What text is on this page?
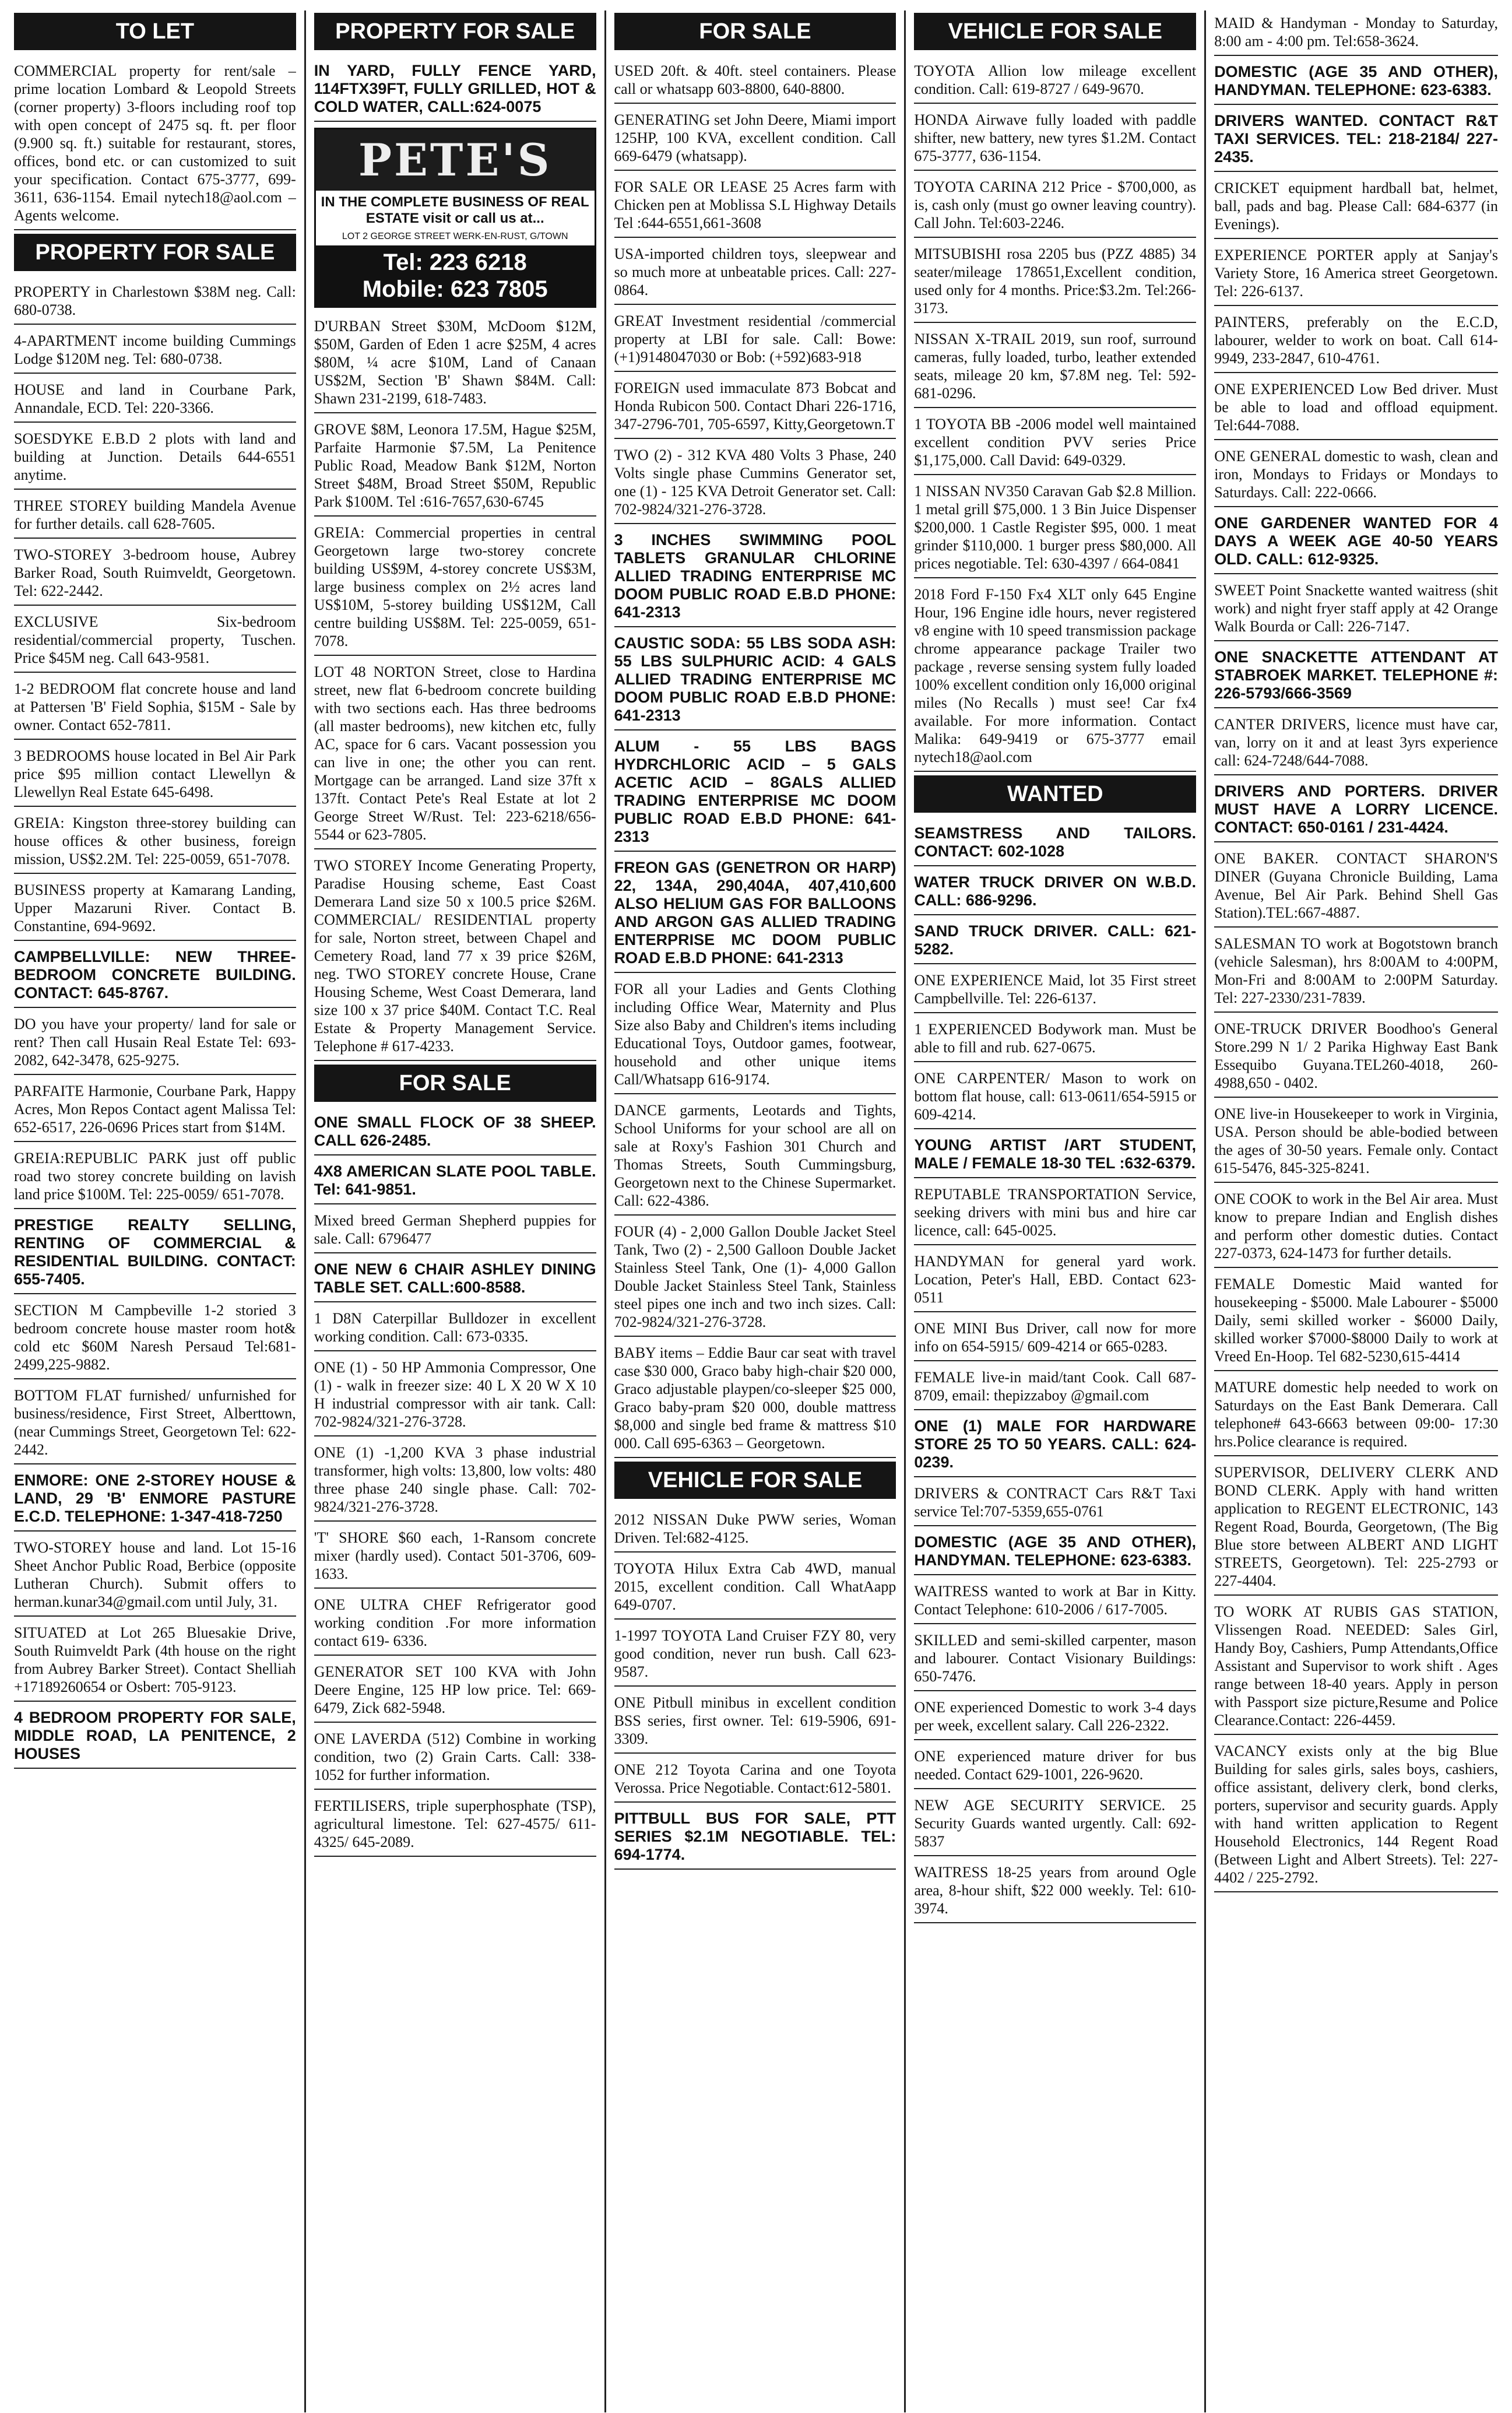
TO LET
COMMERCIAL property for rent/sale – prime location Lombard & Leopold Streets (corner property) 3-floors including roof top with open concept of 2475 sq. ft. per floor (9.900 sq. ft.) suitable for restaurant, stores, offices, bond etc. or can customized to suit your specification. Contact 675-3777, 699-3611, 636-1154. Email nytech18@aol.com – Agents welcome.
PROPERTY FOR SALE
PROPERTY in Charlestown $38M neg. Call: 680-0738.
4-APARTMENT income building Cummings Lodge $120M neg. Tel: 680-0738.
HOUSE and land in Courbane Park, Annandale, ECD. Tel: 220-3366.
SOESDYKE E.B.D 2 plots with land and building at Junction. Details 644-6551 anytime.
THREE STOREY building Mandela Avenue for further details. call 628-7605.
TWO-STOREY 3-bedroom house, Aubrey Barker Road, South Ruimveldt, Georgetown. Tel: 622-2442.
EXCLUSIVE Six-bedroom residential/commercial property, Tuschen. Price $45M neg. Call 643-9581.
1-2 BEDROOM flat concrete house and land at Pattersen 'B' Field Sophia, $15M - Sale by owner. Contact 652-7811.
3 BEDROOMS house located in Bel Air Park price $95 million contact Llewellyn & Llewellyn Real Estate 645-6498.
GREIA: Kingston three-storey building can house offices & other business, foreign mission, US$2.2M. Tel: 225-0059, 651-7078.
BUSINESS property at Kamarang Landing, Upper Mazaruni River. Contact B. Constantine, 694-9692.
CAMPBELLVILLE: NEW THREE-BEDROOM CONCRETE BUILDING. CONTACT: 645-8767.
DO you have your property/ land for sale or rent? Then call Husain Real Estate Tel: 693-2082, 642-3478, 625-9275.
PARFAITE Harmonie, Courbane Park, Happy Acres, Mon Repos Contact agent Malissa Tel: 652-6517, 226-0696 Prices start from $14M.
GREIA:REPUBLIC PARK just off public road two storey concrete building on lavish land price $100M. Tel: 225-0059/ 651-7078.
PRESTIGE REALTY SELLING, RENTING OF COMMERCIAL & RESIDENTIAL BUILDING. CONTACT: 655-7405.
SECTION M Campbeville 1-2 storied 3 bedroom concrete house master room hot& cold etc $60M Naresh Persaud Tel:681-2499,225-9882.
BOTTOM FLAT furnished/ unfurnished for business/residence, First Street, Alberttown, (near Cummings Street, Georgetown Tel: 622-2442.
ENMORE: ONE 2-STOREY HOUSE & LAND, 29 'B' ENMORE PASTURE E.C.D. TELEPHONE: 1-347-418-7250
TWO-STOREY house and land. Lot 15-16 Sheet Anchor Public Road, Berbice (opposite Lutheran Church). Submit offers to herman.kunar34@gmail.com until July, 31.
SITUATED at Lot 265 Bluesakie Drive, South Ruimveldt Park (4th house on the right from Aubrey Barker Street). Contact Shelliah +17189260654 or Osbert: 705-9123.
4 BEDROOM PROPERTY FOR SALE, MIDDLE ROAD, LA PENITENCE, 2 HOUSES
PROPERTY FOR SALE
IN YARD, FULLY FENCE YARD, 114FTX39FT, FULLY GRILLED, HOT & COLD WATER, CALL:624-0075
PETE'S
IN THE COMPLETE BUSINESS OF REAL ESTATE visit or call us at...
LOT 2 GEORGE STREET WERK-EN-RUST, G/TOWN
Tel: 223 6218
Mobile: 623 7805
D'URBAN Street $30M, McDoom $12M, $50M, Garden of Eden 1 acre $25M, 4 acres $80M, ¼ acre $10M, Land of Canaan US$2M, Section 'B' Shawn $84M. Call: Shawn 231-2199, 618-7483.
GROVE $8M, Leonora 17.5M, Hague $25M, Parfaite Harmonie $7.5M, La Penitence Public Road, Meadow Bank $12M, Norton Street $48M, Broad Street $50M, Republic Park $100M. Tel :616-7657,630-6745
GREIA: Commercial properties in central Georgetown large two-storey concrete building US$9M, 4-storey concrete US$3M, large business complex on 2½ acres land US$10M, 5-storey building US$12M, Call centre building US$8M. Tel: 225-0059, 651-7078.
LOT 48 NORTON Street, close to Hardina street, new flat 6-bedroom concrete building with two sections each. Has three bedrooms (all master bedrooms), new kitchen etc, fully AC, space for 6 cars. Vacant possession you can live in one; the other you can rent. Mortgage can be arranged. Land size 37ft x 137ft. Contact Pete's Real Estate at lot 2 George Street W/Rust. Tel: 223-6218/656-5544 or 623-7805.
TWO STOREY Income Generating Property, Paradise Housing scheme, East Coast Demerara Land size 50 x 100.5 price $26M. COMMERCIAL/ RESIDENTIAL property for sale, Norton street, between Chapel and Cemetery Road, land 77 x 39 price $26M, neg. TWO STOREY concrete House, Crane Housing Scheme, West Coast Demerara, land size 100 x 37 price $40M. Contact T.C. Real Estate & Property Management Service. Telephone # 617-4233.
FOR SALE
ONE SMALL FLOCK OF 38 SHEEP. CALL 626-2485.
4X8 AMERICAN SLATE POOL TABLE. Tel: 641-9851.
Mixed breed German Shepherd puppies for sale. Call: 6796477
ONE NEW 6 CHAIR ASHLEY DINING TABLE SET. CALL:600-8588.
1 D8N Caterpillar Bulldozer in excellent working condition. Call: 673-0335.
ONE (1) - 50 HP Ammonia Compressor, One (1) - walk in freezer size: 40 L X 20 W X 10 H industrial compressor with air tank. Call: 702-9824/321-276-3728.
ONE (1) -1,200 KVA 3 phase industrial transformer, high volts: 13,800, low volts: 480 three phase 240 single phase. Call: 702-9824/321-276-3728.
'T' SHORE $60 each, 1-Ransom concrete mixer (hardly used). Contact 501-3706, 609-1633.
ONE ULTRA CHEF Refrigerator good working condition .For more information contact 619- 6336.
GENERATOR SET 100 KVA with John Deere Engine, 125 HP low price. Tel: 669-6479, Zick 682-5948.
ONE LAVERDA (512) Combine in working condition, two (2) Grain Carts. Call: 338-1052 for further information.
FERTILISERS, triple superphosphate (TSP), agricultural limestone. Tel: 627-4575/ 611-4325/ 645-2089.
FOR SALE
USED 20ft. & 40ft. steel containers. Please call or whatsapp 603-8800, 640-8800.
GENERATING set John Deere, Miami import 125HP, 100 KVA, excellent condition. Call 669-6479 (whatsapp).
FOR SALE OR LEASE 25 Acres farm with Chicken pen at Moblissa S.L Highway Details Tel :644-6551,661-3608
USA-imported children toys, sleepwear and so much more at unbeatable prices. Call: 227-0864.
GREAT Investment residential /commercial property at LBI for sale. Call: Bowe: (+1)9148047030 or Bob: (+592)683-918
FOREIGN used immaculate 873 Bobcat and Honda Rubicon 500. Contact Dhari 226-1716, 347-2796-701, 705-6597, Kitty,Georgetown.T
TWO (2) - 312 KVA 480 Volts 3 Phase, 240 Volts single phase Cummins Generator set, one (1) - 125 KVA Detroit Generator set. Call: 702-9824/321-276-3728.
3 INCHES SWIMMING POOL TABLETS GRANULAR CHLORINE ALLIED TRADING ENTERPRISE MC DOOM PUBLIC ROAD E.B.D PHONE: 641-2313
CAUSTIC SODA: 55 LBS SODA ASH: 55 LBS SULPHURIC ACID: 4 GALS ALLIED TRADING ENTERPRISE MC DOOM PUBLIC ROAD E.B.D PHONE: 641-2313
ALUM - 55 LBS BAGS HYDRCHLORIC ACID – 5 GALS ACETIC ACID – 8GALS ALLIED TRADING ENTERPRISE MC DOOM PUBLIC ROAD E.B.D PHONE: 641-2313
FREON GAS (GENETRON OR HARP) 22, 134A, 290,404A, 407,410,600 ALSO HELIUM GAS FOR BALLOONS AND ARGON GAS ALLIED TRADING ENTERPRISE MC DOOM PUBLIC ROAD E.B.D PHONE: 641-2313
FOR all your Ladies and Gents Clothing including Office Wear, Maternity and Plus Size also Baby and Children's items including Educational Toys, Outdoor games, footwear, household and other unique items Call/Whatsapp 616-9174.
DANCE garments, Leotards and Tights, School Uniforms for your school are all on sale at Roxy's Fashion 301 Church and Thomas Streets, South Cummingsburg, Georgetown next to the Chinese Supermarket. Call: 622-4386.
FOUR (4) - 2,000 Gallon Double Jacket Steel Tank, Two (2) - 2,500 Galloon Double Jacket Stainless Steel Tank, One (1)- 4,000 Gallon Double Jacket Stainless Steel Tank, Stainless steel pipes one inch and two inch sizes. Call: 702-9824/321-276-3728.
BABY items – Eddie Baur car seat with travel case $30 000, Graco baby high-chair $20 000, Graco adjustable playpen/co-sleeper $25 000, Graco baby-pram $20 000, double mattress $8,000 and single bed frame & mattress $10 000. Call 695-6363 – Georgetown.
VEHICLE FOR SALE
2012 NISSAN Duke PWW series, Woman Driven. Tel:682-4125.
TOYOTA Hilux Extra Cab 4WD, manual 2015, excellent condition. Call WhatAapp 649-0707.
1-1997 TOYOTA Land Cruiser FZY 80, very good condition, never run bush. Call 623-9587.
ONE Pitbull minibus in excellent condition BSS series, first owner. Tel: 619-5906, 691-3309.
ONE 212 Toyota Carina and one Toyota Verossa. Price Negotiable. Contact:612-5801.
PITTBULL BUS FOR SALE, PTT SERIES $2.1M NEGOTIABLE. TEL: 694-1774.
VEHICLE FOR SALE
TOYOTA Allion low mileage excellent condition. Call: 619-8727 / 649-9670.
HONDA Airwave fully loaded with paddle shifter, new battery, new tyres $1.2M. Contact 675-3777, 636-1154.
TOYOTA CARINA 212 Price - $700,000, as is, cash only (must go owner leaving country). Call John. Tel:603-2246.
MITSUBISHI rosa 2205 bus (PZZ 4885) 34 seater/mileage 178651,Excellent condition, used only for 4 months. Price:$3.2m. Tel:266-3173.
NISSAN X-TRAIL 2019, sun roof, surround cameras, fully loaded, turbo, leather extended seats, mileage 20 km, $7.8M neg. Tel: 592-681-0296.
1 TOYOTA BB -2006 model well maintained excellent condition PVV series Price $1,175,000. Call David: 649-0329.
1 NISSAN NV350 Caravan Gab $2.8 Million. 1 metal grill $75,000. 1 3 Bin Juice Dispenser $200,000. 1 Castle Register $95, 000. 1 meat grinder $110,000. 1 burger press $80,000. All prices negotiable. Tel: 630-4397 / 664-0841
2018 Ford F-150 Fx4 XLT only 645 Engine Hour, 196 Engine idle hours, never registered v8 engine with 10 speed transmission package chrome appearance package Trailer two package , reverse sensing system fully loaded 100% excellent condition only 16,000 original miles (No Recalls ) must see! Car fx4 available. For more information. Contact Malika: 649-9419 or 675-3777 email nytech18@aol.com
WANTED
SEAMSTRESS AND TAILORS. CONTACT: 602-1028
WATER TRUCK DRIVER ON W.B.D. CALL: 686-9296.
SAND TRUCK DRIVER. CALL: 621-5282.
ONE EXPERIENCE Maid, lot 35 First street Campbellville. Tel: 226-6137.
1 EXPERIENCED Bodywork man. Must be able to fill and rub. 627-0675.
ONE CARPENTER/ Mason to work on bottom flat house, call: 613-0611/654-5915 or 609-4214.
YOUNG ARTIST /ART STUDENT, MALE / FEMALE 18-30 TEL :632-6379.
REPUTABLE TRANSPORTATION Service, seeking drivers with mini bus and hire car licence, call: 645-0025.
HANDYMAN for general yard work. Location, Peter's Hall, EBD. Contact 623-0511
ONE MINI Bus Driver, call now for more info on 654-5915/ 609-4214 or 665-0283.
FEMALE live-in maid/tant Cook. Call 687-8709, email: thepizzaboy @gmail.com
ONE (1) MALE FOR HARDWARE STORE 25 TO 50 YEARS. CALL: 624-0239.
DRIVERS & CONTRACT Cars R&T Taxi service Tel:707-5359,655-0761
DOMESTIC (AGE 35 AND OTHER), HANDYMAN. TELEPHONE: 623-6383.
WAITRESS wanted to work at Bar in Kitty. Contact Telephone: 610-2006 / 617-7005.
SKILLED and semi-skilled carpenter, mason and labourer. Contact Visionary Buildings: 650-7476.
ONE experienced Domestic to work 3-4 days per week, excellent salary. Call 226-2322.
ONE experienced mature driver for bus needed. Contact 629-1001, 226-9620.
NEW AGE SECURITY SERVICE. 25 Security Guards wanted urgently. Call: 692-5837
WAITRESS 18-25 years from around Ogle area, 8-hour shift, $22 000 weekly. Tel: 610-3974.
MAID & Handyman - Monday to Saturday, 8:00 am - 4:00 pm. Tel:658-3624.
DOMESTIC (AGE 35 AND OTHER), HANDYMAN. TELEPHONE: 623-6383.
DRIVERS WANTED. CONTACT R&T TAXI SERVICES. TEL: 218-2184/ 227-2435.
CRICKET equipment hardball bat, helmet, ball, pads and bag. Please Call: 684-6377 (in Evenings).
EXPERIENCE PORTER apply at Sanjay's Variety Store, 16 America street Georgetown. Tel: 226-6137.
PAINTERS, preferably on the E.C.D, labourer, welder to work on boat. Call 614-9949, 233-2847, 610-4761.
ONE EXPERIENCED Low Bed driver. Must be able to load and offload equipment. Tel:644-7088.
ONE GENERAL domestic to wash, clean and iron, Mondays to Fridays or Mondays to Saturdays. Call: 222-0666.
ONE GARDENER WANTED FOR 4 DAYS A WEEK AGE 40-50 YEARS OLD. CALL: 612-9325.
SWEET Point Snackette wanted waitress (shit work) and night fryer staff apply at 42 Orange Walk Bourda or Call: 226-7147.
ONE SNACKETTE ATTENDANT AT STABROEK MARKET. TELEPHONE #: 226-5793/666-3569
CANTER DRIVERS, licence must have car, van, lorry on it and at least 3yrs experience call: 624-7248/644-7088.
DRIVERS AND PORTERS. DRIVER MUST HAVE A LORRY LICENCE. CONTACT: 650-0161 / 231-4424.
ONE BAKER. CONTACT SHARON'S DINER (Guyana Chronicle Building, Lama Avenue, Bel Air Park. Behind Shell Gas Station).TEL:667-4887.
SALESMAN TO work at Bogotstown branch (vehicle Salesman), hrs 8:00AM to 4:00PM, Mon-Fri and 8:00AM to 2:00PM Saturday. Tel: 227-2330/231-7839.
ONE-TRUCK DRIVER Boodhoo's General Store.299 N 1/ 2 Parika Highway East Bank Essequibo Guyana.TEL260-4018, 260-4988,650 - 0402.
ONE live-in Housekeeper to work in Virginia, USA. Person should be able-bodied between the ages of 30-50 years. Female only. Contact 615-5476, 845-325-8241.
ONE COOK to work in the Bel Air area. Must know to prepare Indian and English dishes and perform other domestic duties. Contact 227-0373, 624-1473 for further details.
FEMALE Domestic Maid wanted for housekeeping - $5000. Male Labourer - $5000 Daily, semi skilled worker - $6000 Daily, skilled worker $7000-$8000 Daily to work at Vreed En-Hoop. Tel 682-5230,615-4414
MATURE domestic help needed to work on Saturdays on the East Bank Demerara. Call telephone# 643-6663 between 09:00- 17:30 hrs.Police clearance is required.
SUPERVISOR, DELIVERY CLERK AND BOND CLERK. Apply with hand written application to REGENT ELECTRONIC, 143 Regent Road, Bourda, Georgetown, (The Big Blue store between ALBERT AND LIGHT STREETS, Georgetown). Tel: 225-2793 or 227-4404.
TO WORK AT RUBIS GAS STATION, Vlissengen Road. NEEDED: Sales Girl, Handy Boy, Cashiers, Pump Attendants,Office Assistant and Supervisor to work shift . Ages range between 18-40 years. Apply in person with Passport size picture,Resume and Police Clearance.Contact: 226-4459.
VACANCY exists only at the big Blue Building for sales girls, sales boys, cashiers, office assistant, delivery clerk, bond clerks, porters, supervisor and security guards. Apply with hand written application to Regent Household Electronics, 144 Regent Road (Between Light and Albert Streets). Tel: 227-4402 / 225-2792.
